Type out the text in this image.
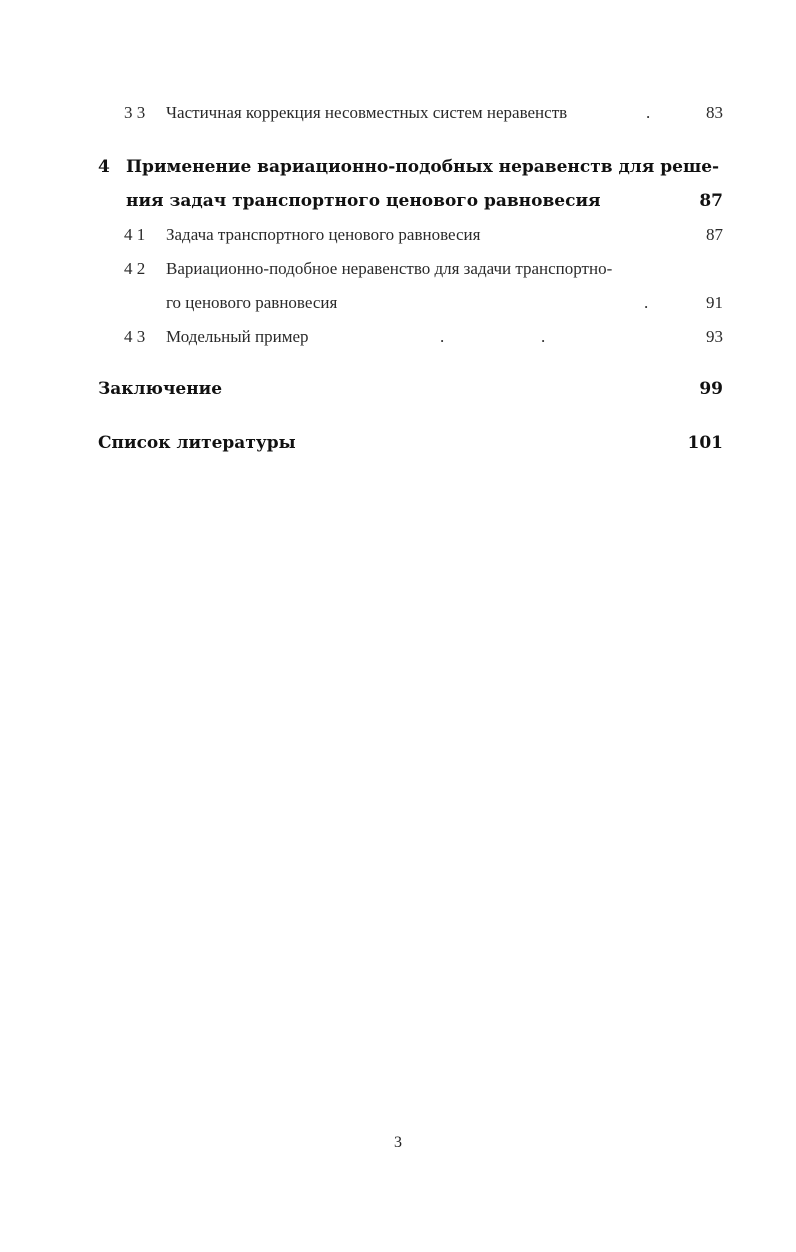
3 3	Частичная коррекция несовместных систем неравенств	.	83
4 Применение вариационно-подобных неравенств для реше-
ния задач транспортного ценового равновесия	87
4 1	Задача транспортного ценового равновесия	87
4 2	Вариационно-подобное неравенство для задачи транспортно-
го ценового равновесия	.	91
4 3	Модельный пример	.	.	93
Заключение	99
Список литературы	101
3
